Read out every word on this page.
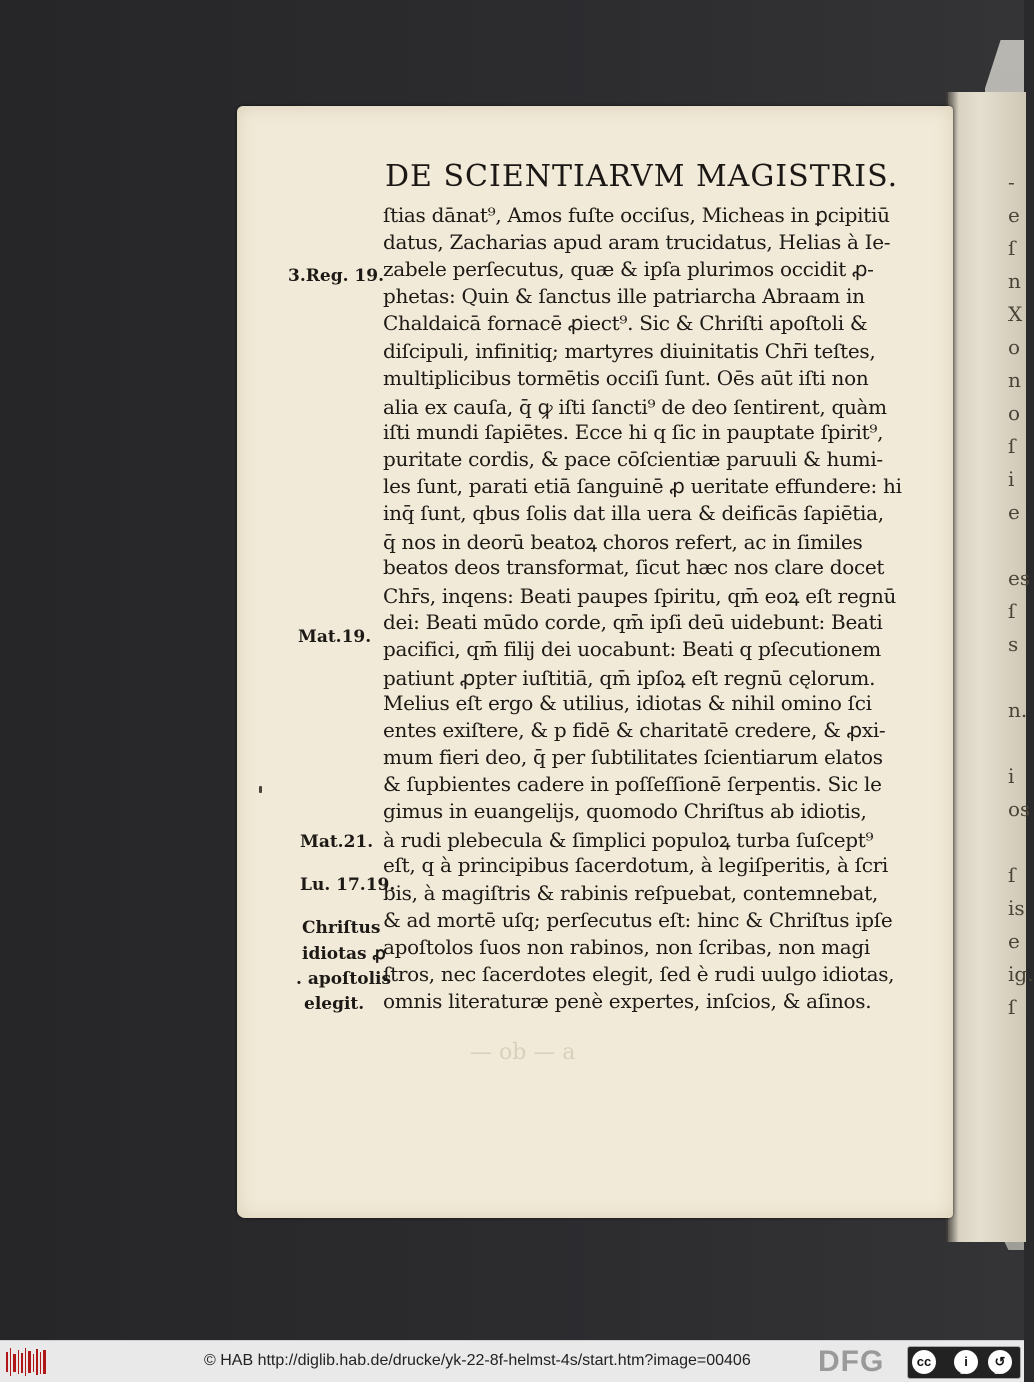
-
e
ſ
n
X
o
n
o
ſ
i
e
es
ſ
s
n.
i
os
ſ
is
e
ig.
ſ
DE SCIENTIARVM MAGISTRIS.
ſtias dānat⁹, Amos fuſte occiſus, Micheas in ꝑcipitiū
datus, Zacharias apud aram trucidatus, Helias à Ie-
zabele perſecutus, quæ & ipſa plurimos occidit ꝓ-
phetas: Quin & ſanctus ille patriarcha Abraam in
Chaldaicā fornacē ꝓiect⁹. Sic & Chriſti apoſtoli &
diſcipuli, infinitiq; martyres diuinitatis Chr̄i teſtes,
multiplicibus tormētis occiſi ſunt. Oēs aūt iſti non
alia ex cauſa, q̄ ꝙ iſti ſancti⁹ de deo ſentirent, quàm
iſti mundi ſapiētes. Ecce hi q ſic in pauptate ſpirit⁹,
puritate cordis, & pace cōſcientiæ paruuli & humi-
les ſunt, parati etiā ſanguinē ꝓ ueritate effundere: hi
inq̄ ſunt, qbus ſolis dat illa uera & deificās ſapiētia,
q̄ nos in deorū beatoꝝ choros refert, ac in ſimiles
beatos deos transformat, ſicut hæc nos clare docet
Chr̄s, inqens: Beati paupes ſpiritu, qm̄ eoꝝ eſt regnū
dei: Beati mūdo corde, qm̄ ipſi deū uidebunt: Beati
pacifici, qm̄ filij dei uocabunt: Beati q pſecutionem
patiunt ꝓpter iuſtitiā, qm̄ ipſoꝝ eſt regnū cęlorum.
Melius eſt ergo & utilius, idiotas & nihil omino ſci
entes exiſtere, & p fidē & charitatē credere, & ꝓxi-
mum fieri deo, q̄ per ſubtilitates ſcientiarum elatos
& ſupbientes cadere in poſſeſſionē ſerpentis. Sic le
gimus in euangelijs, quomodo Chriſtus ab idiotis,
à rudi plebecula & ſimplici populoꝝ turba ſuſcept⁹
eſt, q à principibus ſacerdotum, à legiſperitis, à ſcri
bis, à magiſtris & rabinis reſpuebat, contemnebat,
& ad mortē uſq; perſecutus eſt: hinc & Chriſtus ipſe
apoſtolos ſuos non rabinos, non ſcribas, non magi
ſtros, nec ſacerdotes elegit, ſed è rudi uulgo idiotas,
omnis literaturæ penè expertes, inſcios, & aſinos.
3.Reg. 19.
Mat.19.
Mat.21.
Lu. 17.19.
Chriſtus
idiotas ꝓ
. apoſtolis
elegit.
— ob — a
© HAB http://diglib.hab.de/drucke/yk-22-8f-helmst-4s/start.htm?image=00406 DFG	cc	i	↺
BY	SA
